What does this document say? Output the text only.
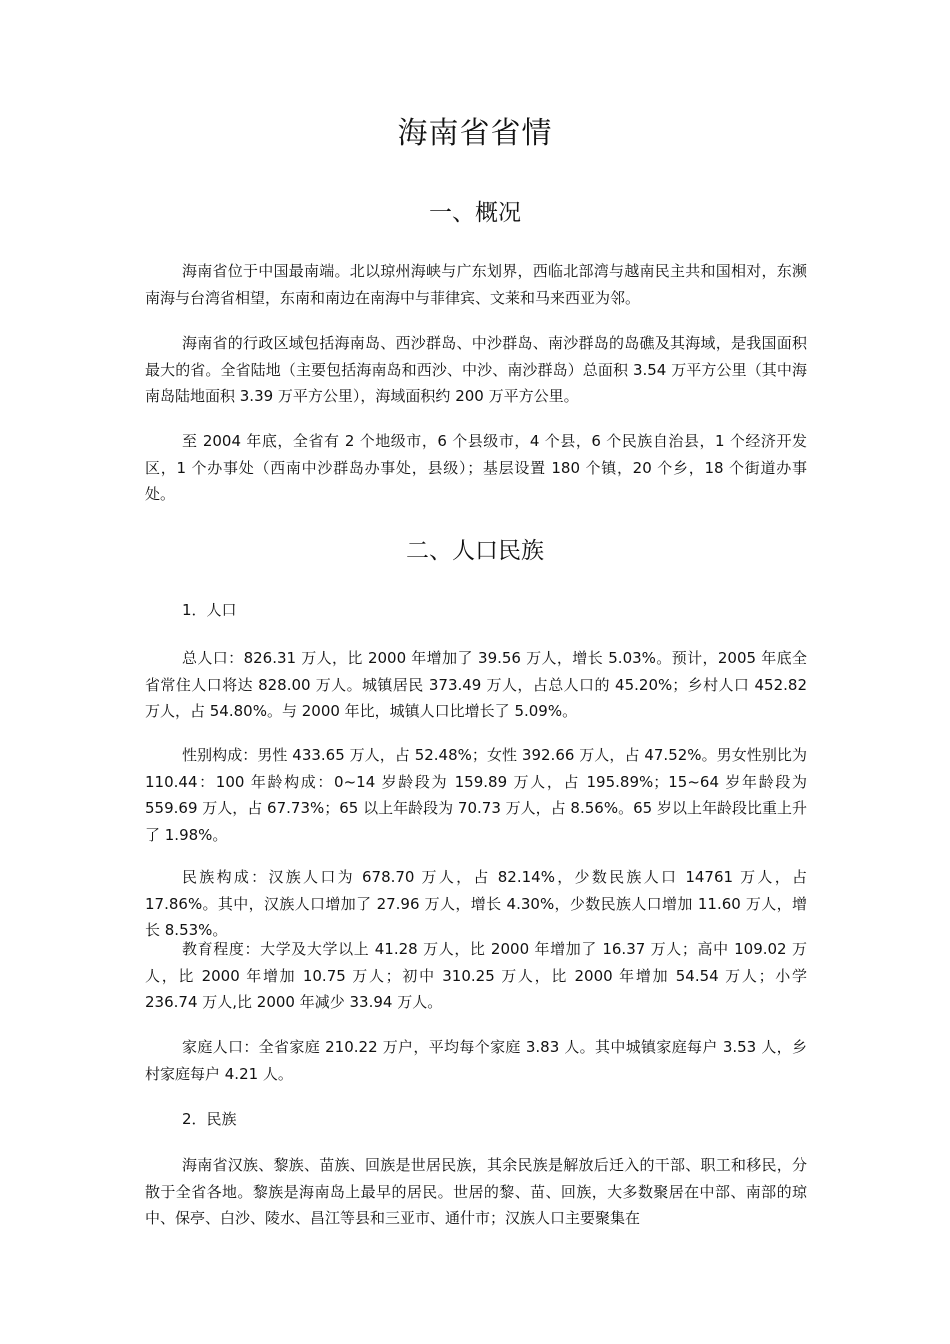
海南省省情
一、概况

海南省位于中国最南端。北以琼州海峡与广东划界，西临北部湾与越南民主共和国相对，东濒南海与台湾省相望，东南和南边在南海中与菲律宾、文莱和马来西亚为邻。

海南省的行政区域包括海南岛、西沙群岛、中沙群岛、南沙群岛的岛礁及其海域，是我国面积最大的省。全省陆地（主要包括海南岛和西沙、中沙、南沙群岛）总面积 3.54 万平方公里（其中海南岛陆地面积 3.39 万平方公里），海域面积约 200 万平方公里。

至 2004 年底，全省有 2 个地级市，6 个县级市，4 个县，6 个民族自治县，1 个经济开发区，1 个办事处（西南中沙群岛办事处，县级）；基层设置 180 个镇，20 个乡，18 个街道办事处。

二、人口民族

1．人口

总人口：826.31 万人，比 2000 年增加了 39.56 万人，增长 5.03%。预计，2005 年底全省常住人口将达 828.00 万人。城镇居民 373.49 万人，占总人口的 45.20%；乡村人口 452.82 万人，占 54.80%。与 2000 年比，城镇人口比增长了 5.09%。

性别构成：男性 433.65 万人，占 52.48%；女性 392.66 万人，占 47.52%。男女性别比为 110.44：100 年龄构成：0~14 岁龄段为 159.89 万人，占 195.89%；15~64 岁年龄段为 559.69 万人，占 67.73%；65 以上年龄段为 70.73 万人，占 8.56%。65 岁以上年龄段比重上升了 1.98%。

民族构成：汉族人口为 678.70 万人，占 82.14%，少数民族人口 14761 万人，占 17.86%。其中，汉族人口增加了 27.96 万人，增长 4.30%，少数民族人口增加 11.60 万人，增长 8.53%。

教育程度：大学及大学以上 41.28 万人，比 2000 年增加了 16.37 万人；高中 109.02 万人，比 2000 年增加 10.75 万人；初中 310.25 万人，比 2000 年增加 54.54 万人；小学 236.74 万人,比 2000 年减少 33.94 万人。

家庭人口：全省家庭 210.22 万户，平均每个家庭 3.83 人。其中城镇家庭每户 3.53 人，乡村家庭每户 4.21 人。

2．民族

海南省汉族、黎族、苗族、回族是世居民族，其余民族是解放后迁入的干部、职工和移民，分散于全省各地。黎族是海南岛上最早的居民。世居的黎、苗、回族，大多数聚居在中部、南部的琼中、保亭、白沙、陵水、昌江等县和三亚市、通什市；汉族人口主要聚集在
